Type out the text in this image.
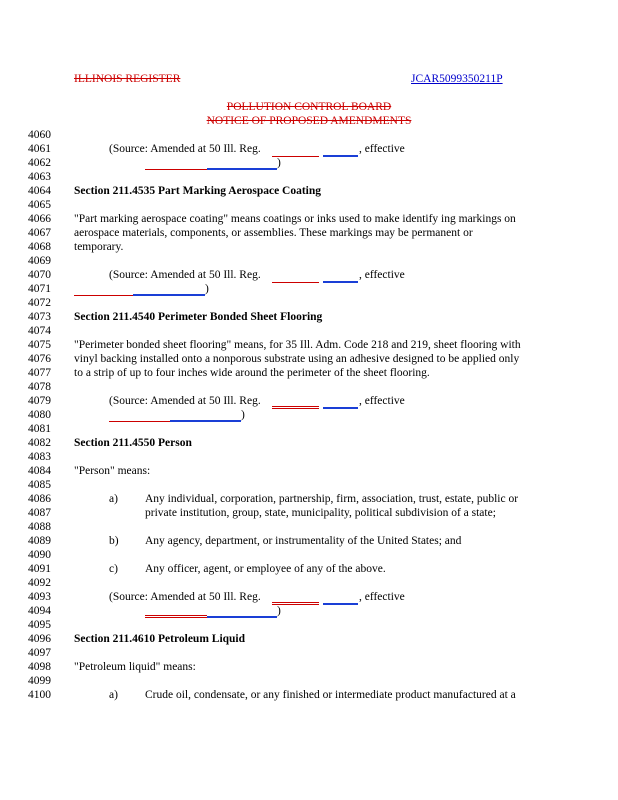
ILLINOIS REGISTER	JCAR5099350211P
POLLUTION CONTROL BOARD
NOTICE OF PROPOSED AMENDMENTS
4060
4061
4062
4063
4064
4065
4066
4067
4068
4069
4070
4071
4072
4073
4074
4075
4076
4077
4078
4079
4080
4081
4082
4083
4084
4085
4086
4087
4088
4089
4090
4091
4092
4093
4094
4095
4096
4097
4098
4099
4100
(Source: Amended at 50 Ill. Reg.	, effective
)
Section 211.4535 Part Marking Aerospace Coating
"Part marking aerospace coating" means coatings or inks used to make identify ing markings on
aerospace materials, components, or assemblies. These markings may be permanent or
temporary.
(Source: Amended at 50 Ill. Reg.	, effective
)
Section 211.4540 Perimeter Bonded Sheet Flooring
"Perimeter bonded sheet flooring" means, for 35 Ill. Adm. Code 218 and 219, sheet flooring with
vinyl backing installed onto a nonporous substrate using an adhesive designed to be applied only
to a strip of up to four inches wide around the perimeter of the sheet flooring.
(Source: Amended at 50 Ill. Reg.	, effective
)
Section 211.4550 Person
"Person" means:
a) Any individual, corporation, partnership, firm, association, trust, estate, public or
private institution, group, state, municipality, political subdivision of a state;
b) Any agency, department, or instrumentality of the United States; and
c) Any officer, agent, or employee of any of the above.
(Source: Amended at 50 Ill. Reg.	, effective
)
Section 211.4610 Petroleum Liquid
"Petroleum liquid" means:
a) Crude oil, condensate, or any finished or intermediate product manufactured at a
